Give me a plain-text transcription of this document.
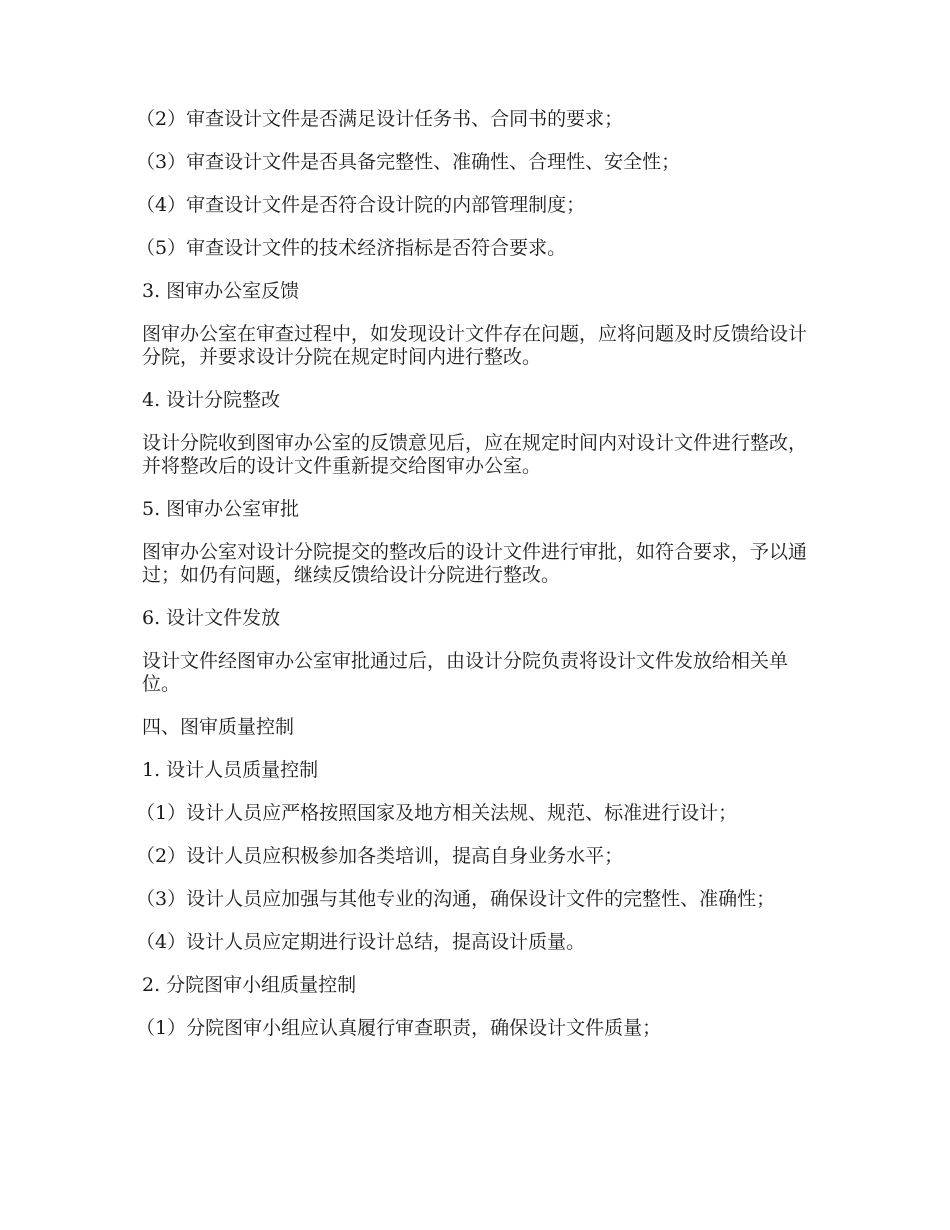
（2）审查设计文件是否满足设计任务书、合同书的要求；

（3）审查设计文件是否具备完整性、准确性、合理性、安全性；

（4）审查设计文件是否符合设计院的内部管理制度；

（5）审查设计文件的技术经济指标是否符合要求。

3. 图审办公室反馈

图审办公室在审查过程中，如发现设计文件存在问题，应将问题及时反馈给设计分院，并要求设计分院在规定时间内进行整改。

4. 设计分院整改

设计分院收到图审办公室的反馈意见后，应在规定时间内对设计文件进行整改，并将整改后的设计文件重新提交给图审办公室。

5. 图审办公室审批

图审办公室对设计分院提交的整改后的设计文件进行审批，如符合要求，予以通过；如仍有问题，继续反馈给设计分院进行整改。

6. 设计文件发放

设计文件经图审办公室审批通过后，由设计分院负责将设计文件发放给相关单位。

四、图审质量控制

1. 设计人员质量控制

（1）设计人员应严格按照国家及地方相关法规、规范、标准进行设计；

（2）设计人员应积极参加各类培训，提高自身业务水平；

（3）设计人员应加强与其他专业的沟通，确保设计文件的完整性、准确性；

（4）设计人员应定期进行设计总结，提高设计质量。

2. 分院图审小组质量控制

（1）分院图审小组应认真履行审查职责，确保设计文件质量；
